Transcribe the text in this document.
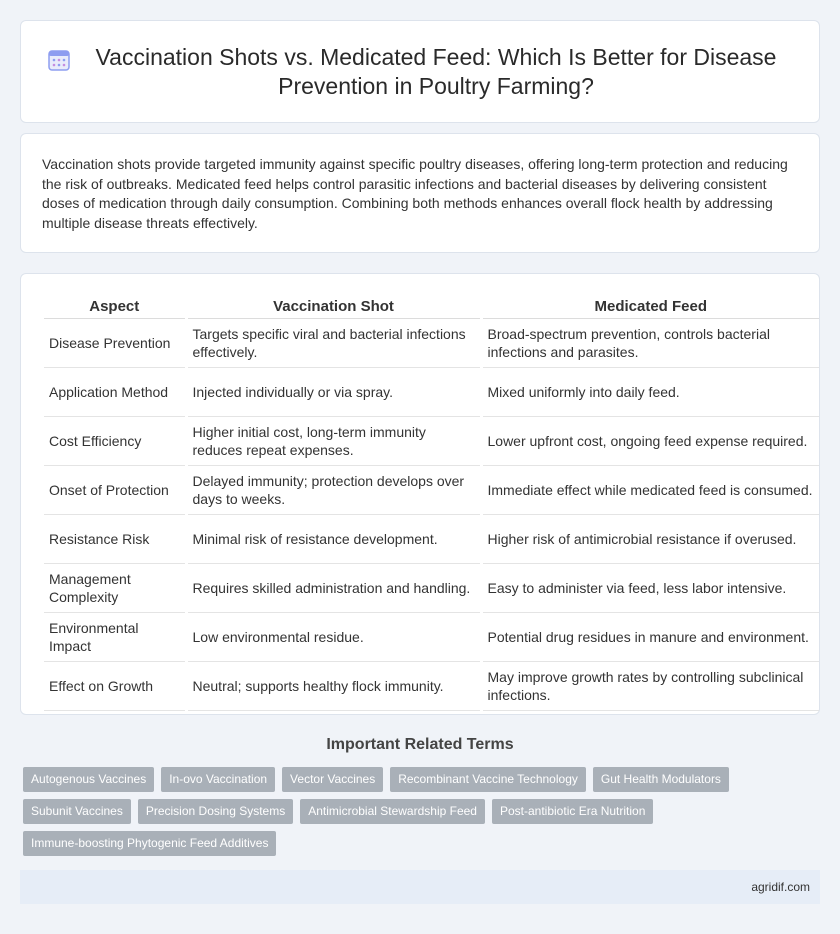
Vaccination Shots vs. Medicated Feed: Which Is Better for Disease Prevention in Poultry Farming?

Vaccination shots provide targeted immunity against specific poultry diseases, offering long-term protection and reducing the risk of outbreaks. Medicated feed helps control parasitic infections and bacterial diseases by delivering consistent doses of medication through daily consumption. Combining both methods enhances overall flock health by addressing multiple disease threats effectively.

Aspect	Vaccination Shot	Medicated Feed
Disease Prevention	Targets specific viral and bacterial infections effectively.	Broad-spectrum prevention, controls bacterial infections and parasites.
Application Method	Injected individually or via spray.	Mixed uniformly into daily feed.
Cost Efficiency	Higher initial cost, long-term immunity reduces repeat expenses.	Lower upfront cost, ongoing feed expense required.
Onset of Protection	Delayed immunity; protection develops over days to weeks.	Immediate effect while medicated feed is consumed.
Resistance Risk	Minimal risk of resistance development.	Higher risk of antimicrobial resistance if overused.
Management Complexity	Requires skilled administration and handling.	Easy to administer via feed, less labor intensive.
Environmental Impact	Low environmental residue.	Potential drug residues in manure and environment.
Effect on Growth	Neutral; supports healthy flock immunity.	May improve growth rates by controlling subclinical infections.
Important Related Terms
Autogenous Vaccines	In-ovo Vaccination	Vector Vaccines	Recombinant Vaccine Technology	Gut Health Modulators
Subunit Vaccines	Precision Dosing Systems	Antimicrobial Stewardship Feed	Post-antibiotic Era Nutrition
Immune-boosting Phytogenic Feed Additives
agridif.com
